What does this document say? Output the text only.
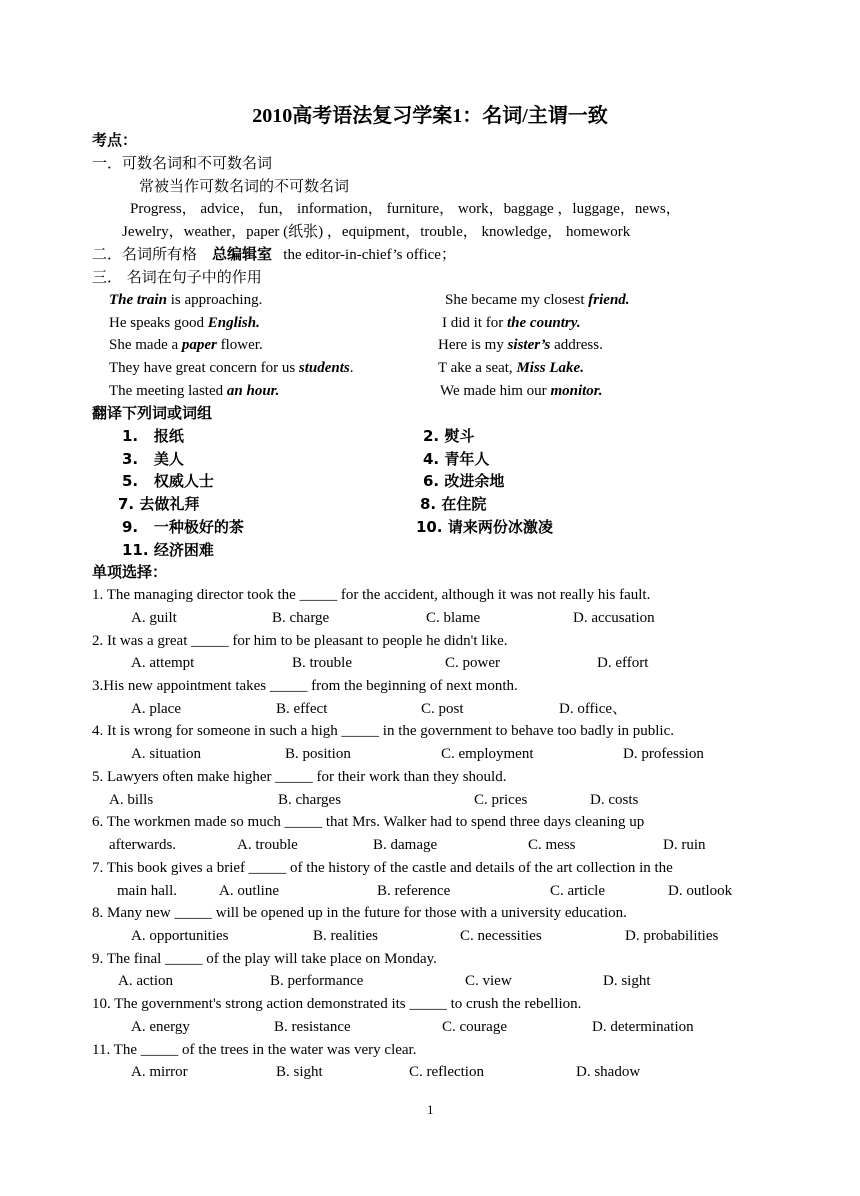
2010高考语法复习学案1：名词/主谓一致
考点：
一．可数名词和不可数名词
常被当作可数名词的不可数名词
Progress， advice， fun， information， furniture， work，baggage ，luggage，news，
Jewelry，weather，paper (纸张) ，equipment，trouble， knowledge， homework
二．名词所有格 总编辑室 the editor-in-chief’s office；
三． 名词在句子中的作用
The train is approaching.	She became my closest friend.
He speaks good English.	I did it for the country.
She made a paper flower.	Here is my sister’s address.
They have great concern for us students.	T ake a seat, Miss Lake.
The meeting lasted an hour.	We made him our monitor.
翻译下列词或词组
1. 报纸	2. 熨斗
3. 美人	4. 青年人
5. 权威人士	6. 改进余地
7. 去做礼拜	8. 在住院
9. 一种极好的茶	10. 请来两份冰激凌
11. 经济困难
单项选择：
1. The managing director took the _____ for the accident, although it was not really his fault.
A. guilt	B. charge	C. blame	D. accusation
2. It was a great _____ for him to be pleasant to people he didn't like.
A. attempt	B. trouble	C. power	D. effort
3.His new appointment takes _____ from the beginning of next month.
A. place	B. effect	C. post	D. office、
4. It is wrong for someone in such a high _____ in the government to behave too badly in public.
A. situation	B. position	C. employment	D. profession
5. Lawyers often make higher _____ for their work than they should.
A. bills	B. charges	C. prices	D. costs
6. The workmen made so much _____ that Mrs. Walker had to spend three days cleaning up
afterwards.	A. trouble	B. damage	C. mess	D. ruin
7. This book gives a brief _____ of the history of the castle and details of the art collection in the
main hall.	A. outline	B. reference	C. article	D. outlook
8. Many new _____ will be opened up in the future for those with a university education.
A. opportunities	B. realities	C. necessities	D. probabilities
9. The final _____ of the play will take place on Monday.
A. action	B. performance	C. view	D. sight
10. The government's strong action demonstrated its _____ to crush the rebellion.
A. energy	B. resistance	C. courage	D. determination
11. The _____ of the trees in the water was very clear.
A. mirror	B. sight	C. reflection	D. shadow
1
